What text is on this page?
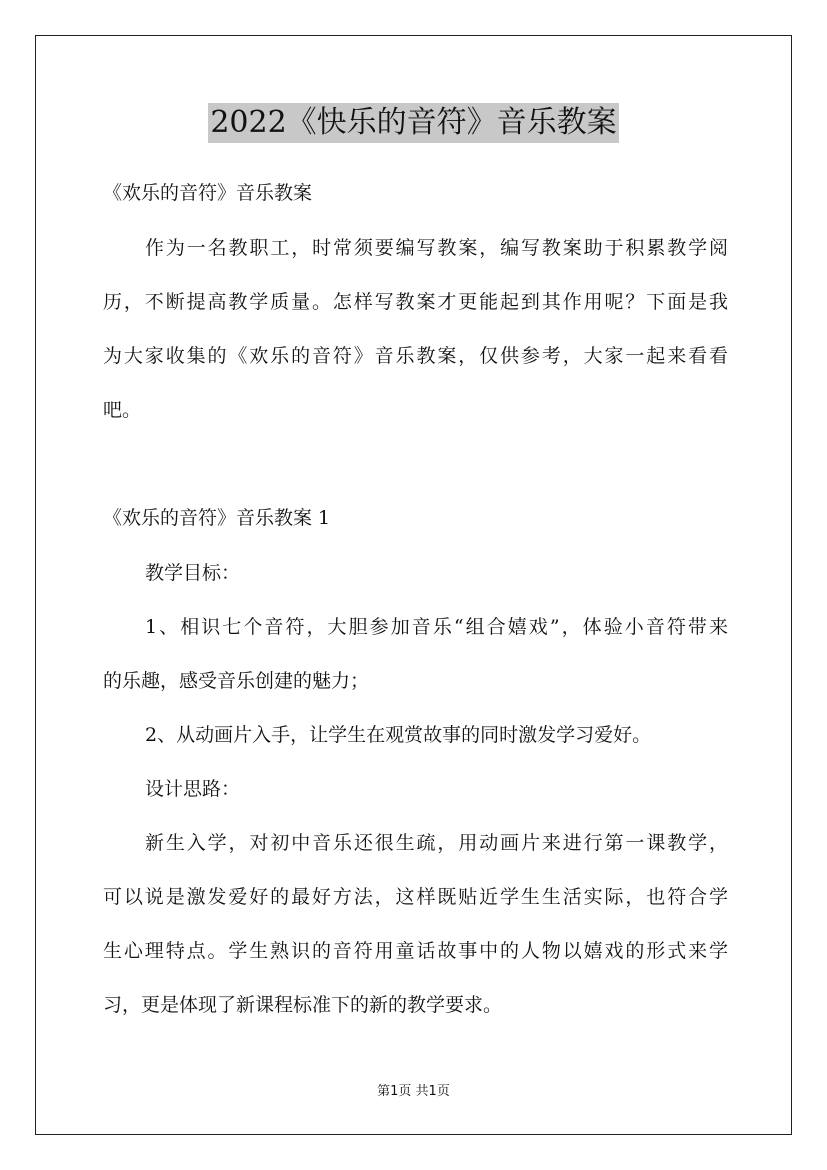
2022《快乐的音符》音乐教案
《欢乐的音符》音乐教案
作为一名教职工，时常须要编写教案，编写教案助于积累教学阅
历，不断提高教学质量。怎样写教案才更能起到其作用呢？下面是我
为大家收集的《欢乐的音符》音乐教案，仅供参考，大家一起来看看
吧。
《欢乐的音符》音乐教案 1
教学目标：
1、相识七个音符，大胆参加音乐“组合嬉戏”，体验小音符带来
的乐趣，感受音乐创建的魅力；
2、从动画片入手，让学生在观赏故事的同时激发学习爱好。
设计思路：
新生入学，对初中音乐还很生疏，用动画片来进行第一课教学，
可以说是激发爱好的最好方法，这样既贴近学生生活实际，也符合学
生心理特点。学生熟识的音符用童话故事中的人物以嬉戏的形式来学
习，更是体现了新课程标准下的新的教学要求。
第1页 共1页
